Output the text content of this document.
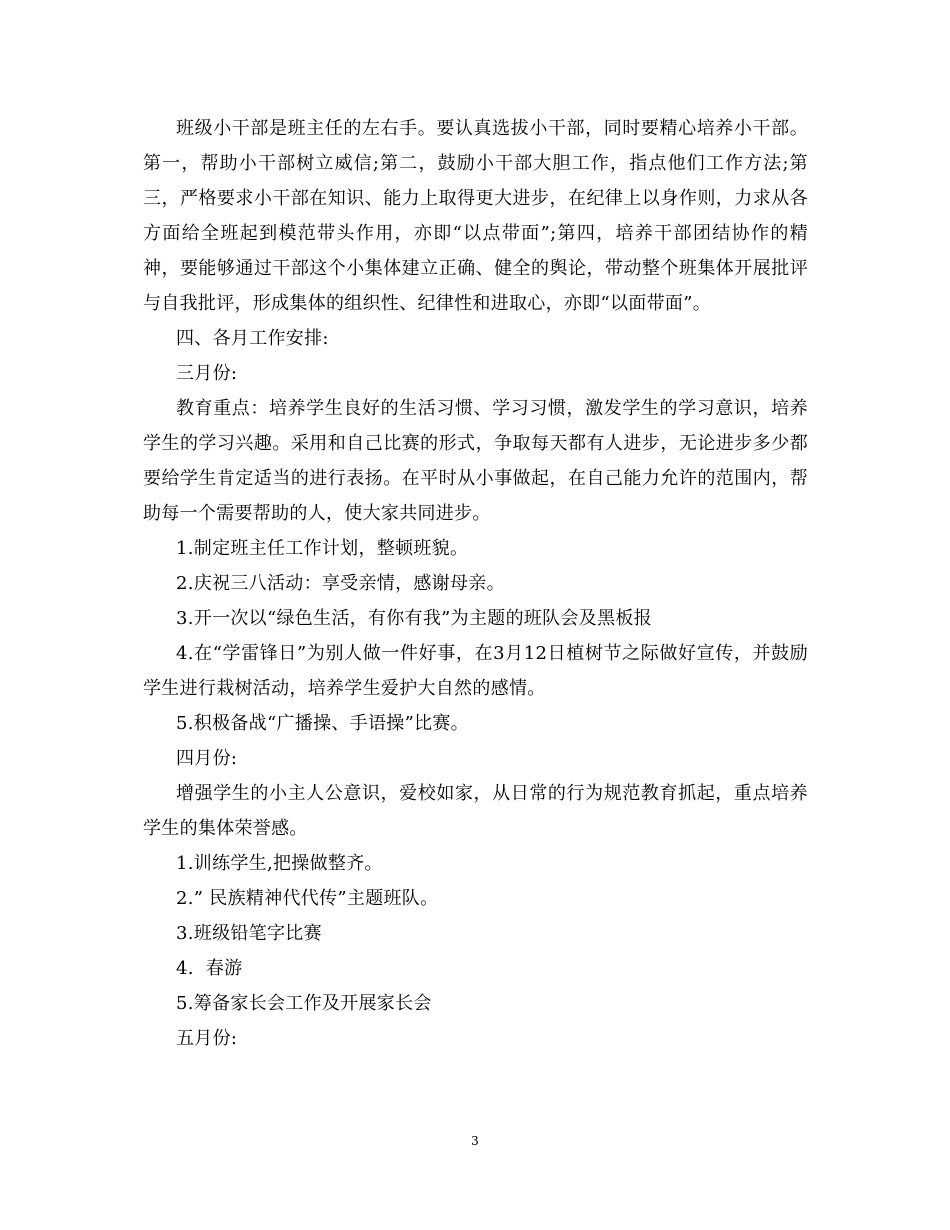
班级小干部是班主任的左右手。要认真选拔小干部，同时要精心培养小干部。第一，帮助小干部树立威信;第二，鼓励小干部大胆工作，指点他们工作方法;第三，严格要求小干部在知识、能力上取得更大进步，在纪律上以身作则，力求从各方面给全班起到模范带头作用，亦即“以点带面”;第四，培养干部团结协作的精神，要能够通过干部这个小集体建立正确、健全的舆论，带动整个班集体开展批评与自我批评，形成集体的组织性、纪律性和进取心，亦即“以面带面”。

四、各月工作安排:

三月份:

教育重点：培养学生良好的生活习惯、学习习惯，激发学生的学习意识，培养学生的学习兴趣。采用和自己比赛的形式，争取每天都有人进步，无论进步多少都要给学生肯定适当的进行表扬。在平时从小事做起，在自己能力允许的范围内，帮助每一个需要帮助的人，使大家共同进步。

1.制定班主任工作计划，整顿班貌。

2.庆祝三八活动：享受亲情，感谢母亲。

3.开一次以“绿色生活，有你有我”为主题的班队会及黑板报

4.在“学雷锋日”为别人做一件好事，在3月12日植树节之际做好宣传，并鼓励学生进行栽树活动，培养学生爱护大自然的感情。

5.积极备战“广播操、手语操”比赛。

四月份:

增强学生的小主人公意识，爱校如家，从日常的行为规范教育抓起，重点培养学生的集体荣誉感。

1.训练学生,把操做整齐。

2.” 民族精神代代传”主题班队。

3.班级铅笔字比赛

4.  春游

5.筹备家长会工作及开展家长会

五月份:

3
